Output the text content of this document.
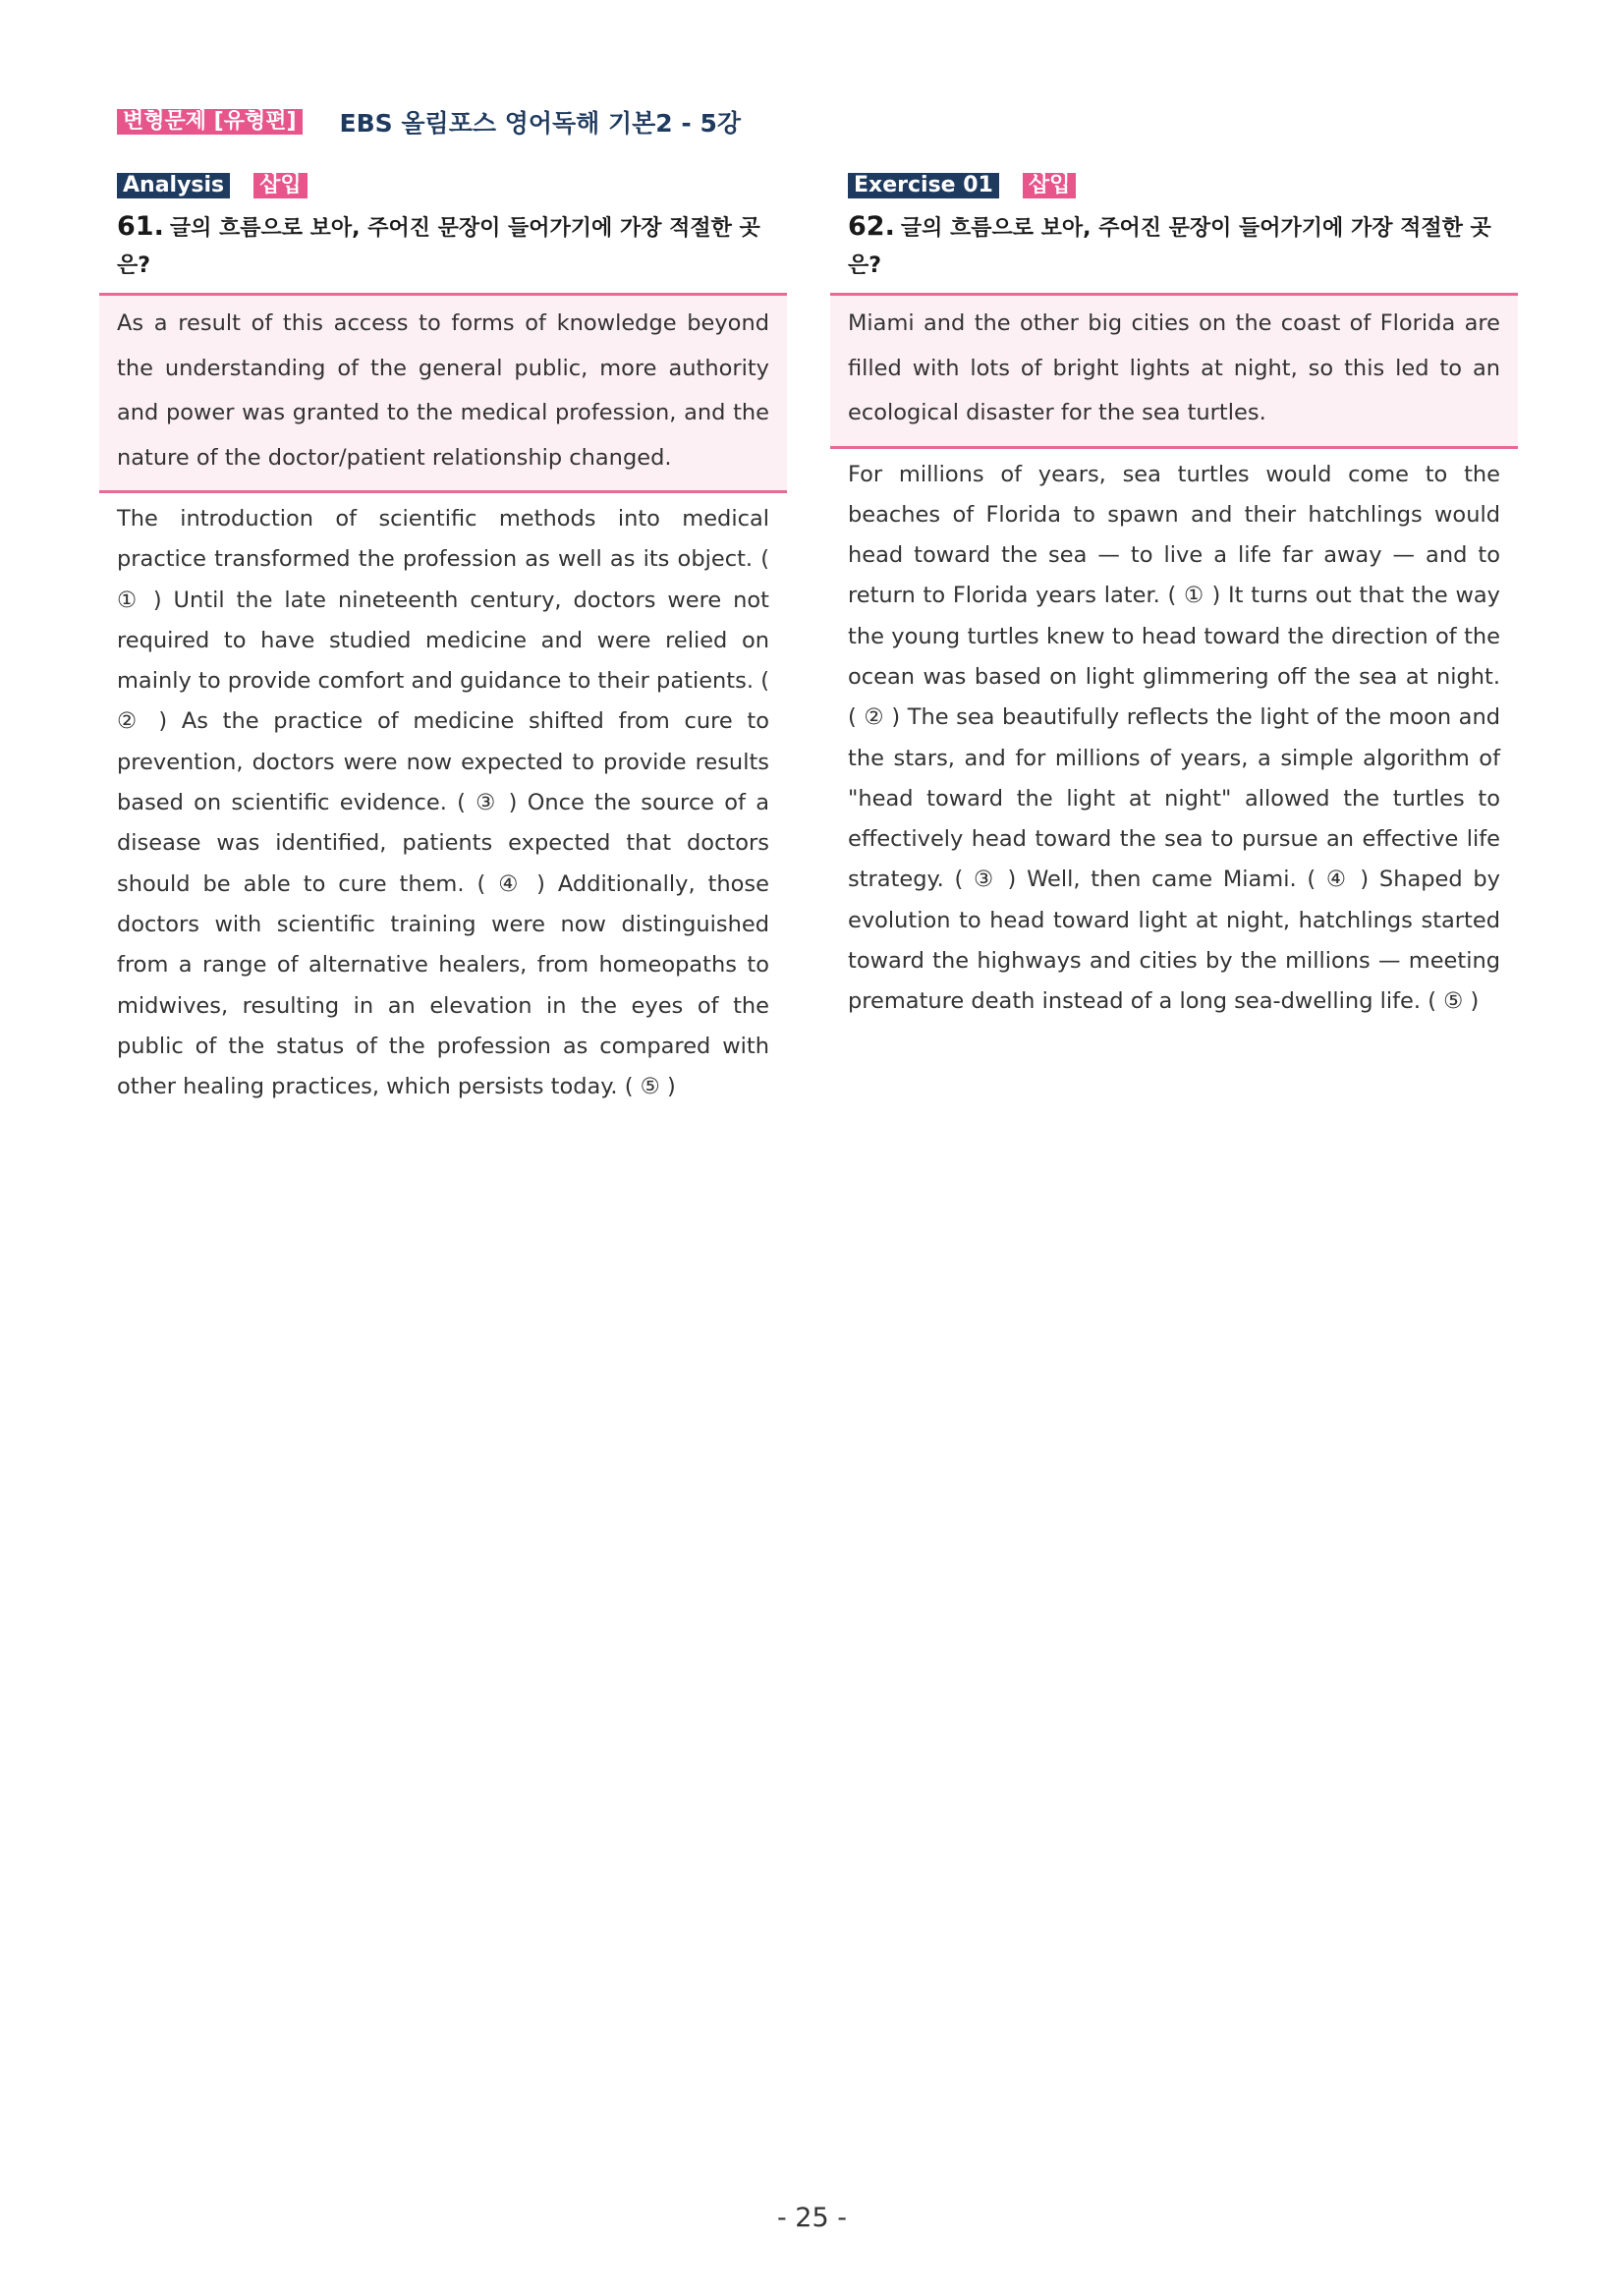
변형문제 [유형편] EBS 올림포스 영어독해 기본2 - 5강
Analysis 삽입
61. 글의 흐름으로 보아, 주어진 문장이 들어가기에 가장 적절한 곳은?
As a result of this access to forms of knowledge beyond the understanding of the general public, more authority and power was granted to the medical profession, and the nature of the doctor/patient relationship changed.
The introduction of scientific methods into medical practice transformed the profession as well as its object. ( ① ) Until the late nineteenth century, doctors were not required to have studied medicine and were relied on mainly to provide comfort and guidance to their patients. ( ② ) As the practice of medicine shifted from cure to prevention, doctors were now expected to provide results based on scientific evidence. ( ③ ) Once the source of a disease was identified, patients expected that doctors should be able to cure them. ( ④ ) Additionally, those doctors with scientific training were now distinguished from a range of alternative healers, from homeopaths to midwives, resulting in an elevation in the eyes of the public of the status of the profession as compared with other healing practices, which persists today. ( ⑤ )
Exercise 01 삽입
62. 글의 흐름으로 보아, 주어진 문장이 들어가기에 가장 적절한 곳은?
Miami and the other big cities on the coast of Florida are filled with lots of bright lights at night, so this led to an ecological disaster for the sea turtles.
For millions of years, sea turtles would come to the beaches of Florida to spawn and their hatchlings would head toward the sea — to live a life far away — and to return to Florida years later. ( ① ) It turns out that the way the young turtles knew to head toward the direction of the ocean was based on light glimmering off the sea at night. ( ② ) The sea beautifully reflects the light of the moon and the stars, and for millions of years, a simple algorithm of "head toward the light at night" allowed the turtles to effectively head toward the sea to pursue an effective life strategy. ( ③ ) Well, then came Miami. ( ④ ) Shaped by evolution to head toward light at night, hatchlings started toward the highways and cities by the millions — meeting premature death instead of a long sea-dwelling life. ( ⑤ )
- 25 -
